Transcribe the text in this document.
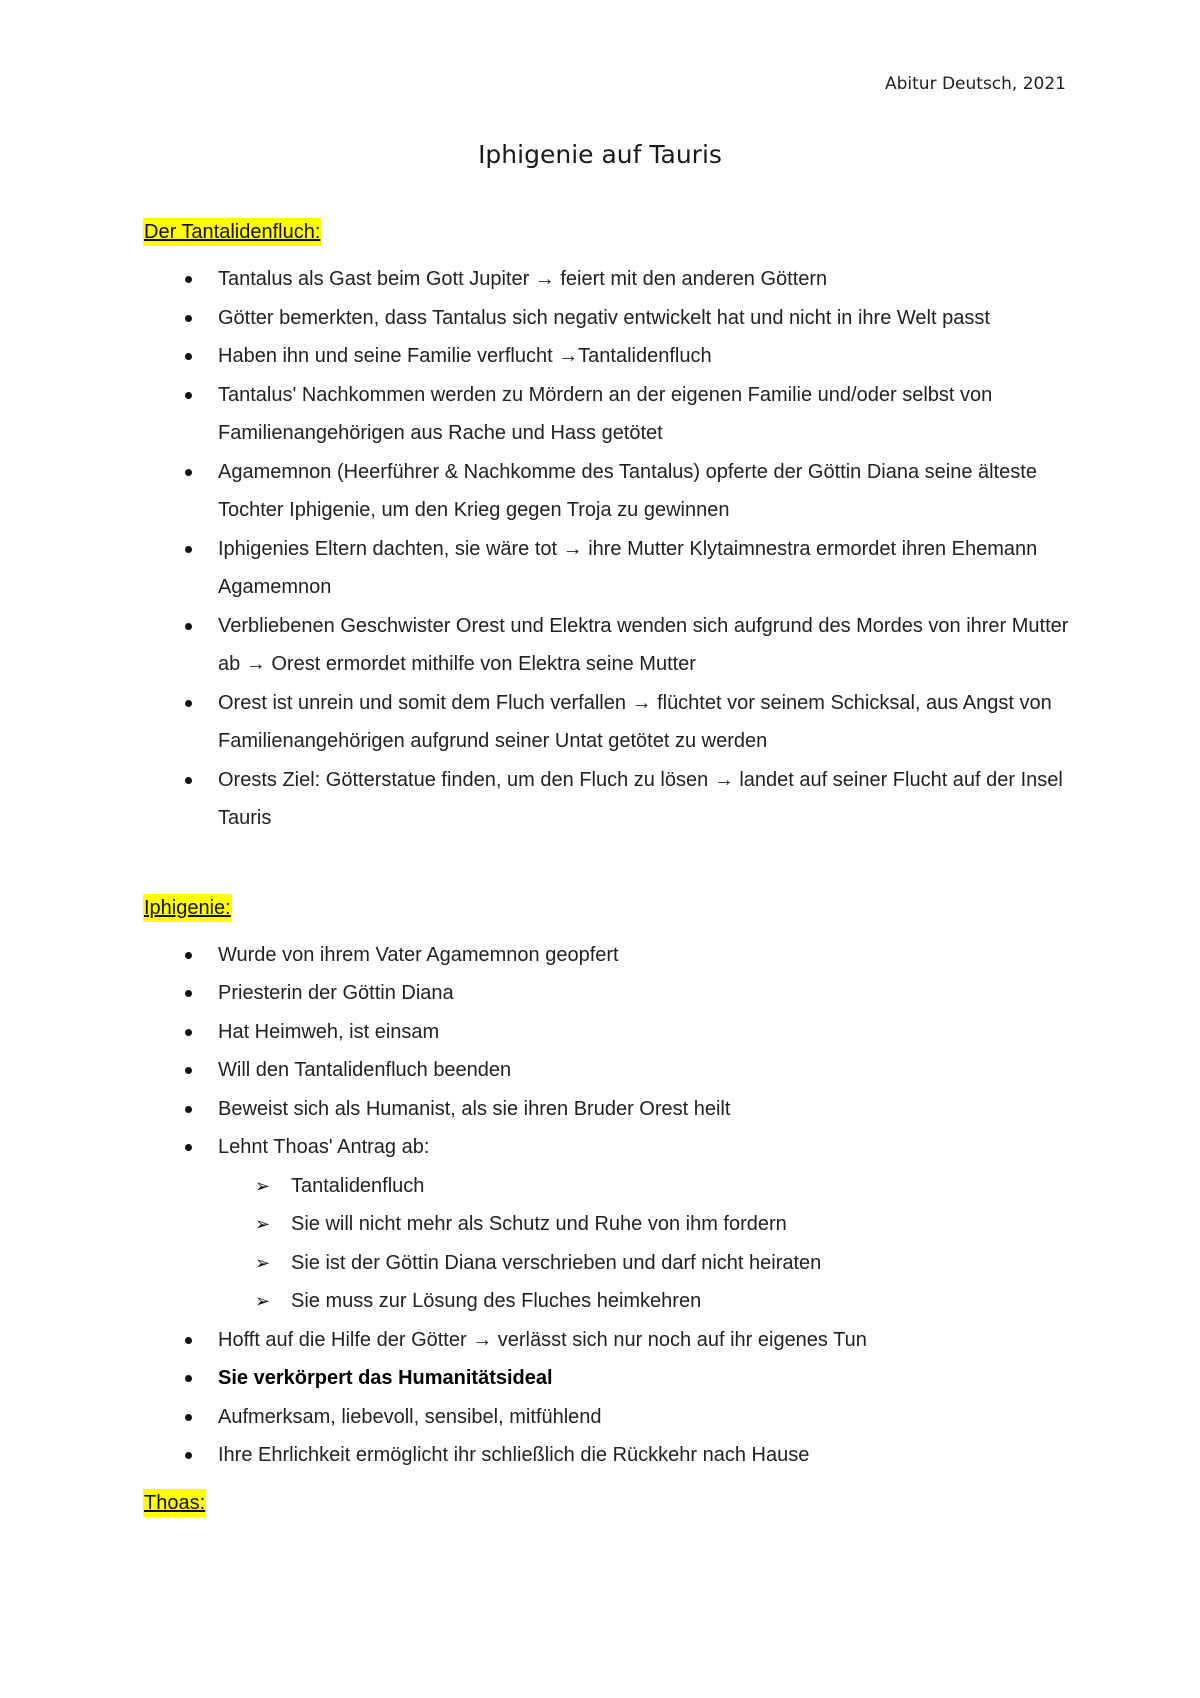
Abitur Deutsch, 2021
Iphigenie auf Tauris
Der Tantalidenfluch:
Tantalus als Gast beim Gott Jupiter → feiert mit den anderen Göttern
Götter bemerkten, dass Tantalus sich negativ entwickelt hat und nicht in ihre Welt passt
Haben ihn und seine Familie verflucht →Tantalidenfluch
Tantalus' Nachkommen werden zu Mördern an der eigenen Familie und/oder selbst von Familienangehörigen aus Rache und Hass getötet
Agamemnon (Heerführer & Nachkomme des Tantalus) opferte der Göttin Diana seine älteste Tochter Iphigenie, um den Krieg gegen Troja zu gewinnen
Iphigenies Eltern dachten, sie wäre tot → ihre Mutter Klytaimnestra ermordet ihren Ehemann Agamemnon
Verbliebenen Geschwister Orest und Elektra wenden sich aufgrund des Mordes von ihrer Mutter ab → Orest ermordet mithilfe von Elektra seine Mutter
Orest ist unrein und somit dem Fluch verfallen → flüchtet vor seinem Schicksal, aus Angst von Familienangehörigen aufgrund seiner Untat getötet zu werden
Orests Ziel: Götterstatue finden, um den Fluch zu lösen → landet auf seiner Flucht auf der Insel Tauris
Iphigenie:
Wurde von ihrem Vater Agamemnon geopfert
Priesterin der Göttin Diana
Hat Heimweh, ist einsam
Will den Tantalidenfluch beenden
Beweist sich als Humanist, als sie ihren Bruder Orest heilt
Lehnt Thoas' Antrag ab:
➢ Tantalidenfluch
➢ Sie will nicht mehr als Schutz und Ruhe von ihm fordern
➢ Sie ist der Göttin Diana verschrieben und darf nicht heiraten
➢ Sie muss zur Lösung des Fluches heimkehren
Hofft auf die Hilfe der Götter → verlässt sich nur noch auf ihr eigenes Tun
Sie verkörpert das Humanitätsideal
Aufmerksam, liebevoll, sensibel, mitfühlend
Ihre Ehrlichkeit ermöglicht ihr schließlich die Rückkehr nach Hause
Thoas:
